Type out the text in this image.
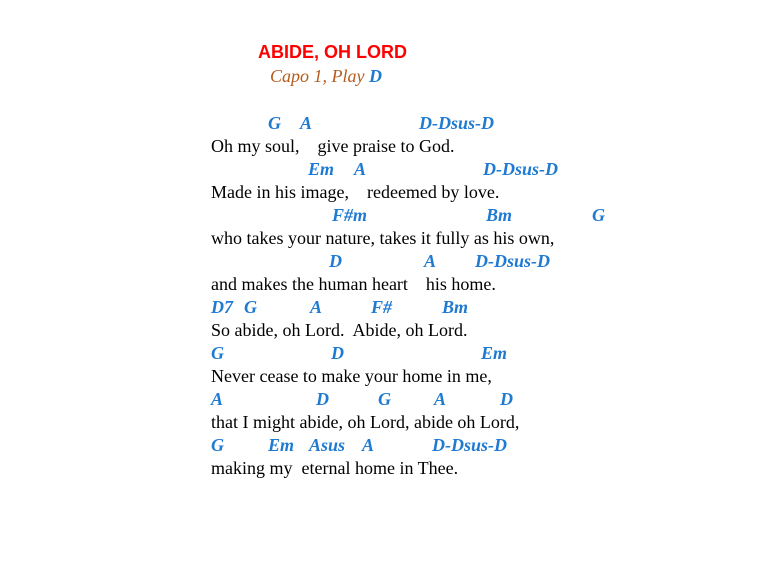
ABIDE, OH LORD
Capo 1, Play D
G A	D-Dsus-D
Oh my soul,    give praise to God.
Em A	D-Dsus-D
Made in his image,    redeemed by love.
F#m	Bm	G
who takes your nature, takes it fully as his own,
D	A D-Dsus-D
and makes the human heart    his home.
D7 G	A	F#	Bm
So abide, oh Lord.  Abide, oh Lord.
G	D	Em
Never cease to make your home in me,
A	D	G A	D
that I might abide, oh Lord, abide oh Lord,
G Em Asus A	D-Dsus-D
making my  eternal home in Thee.
